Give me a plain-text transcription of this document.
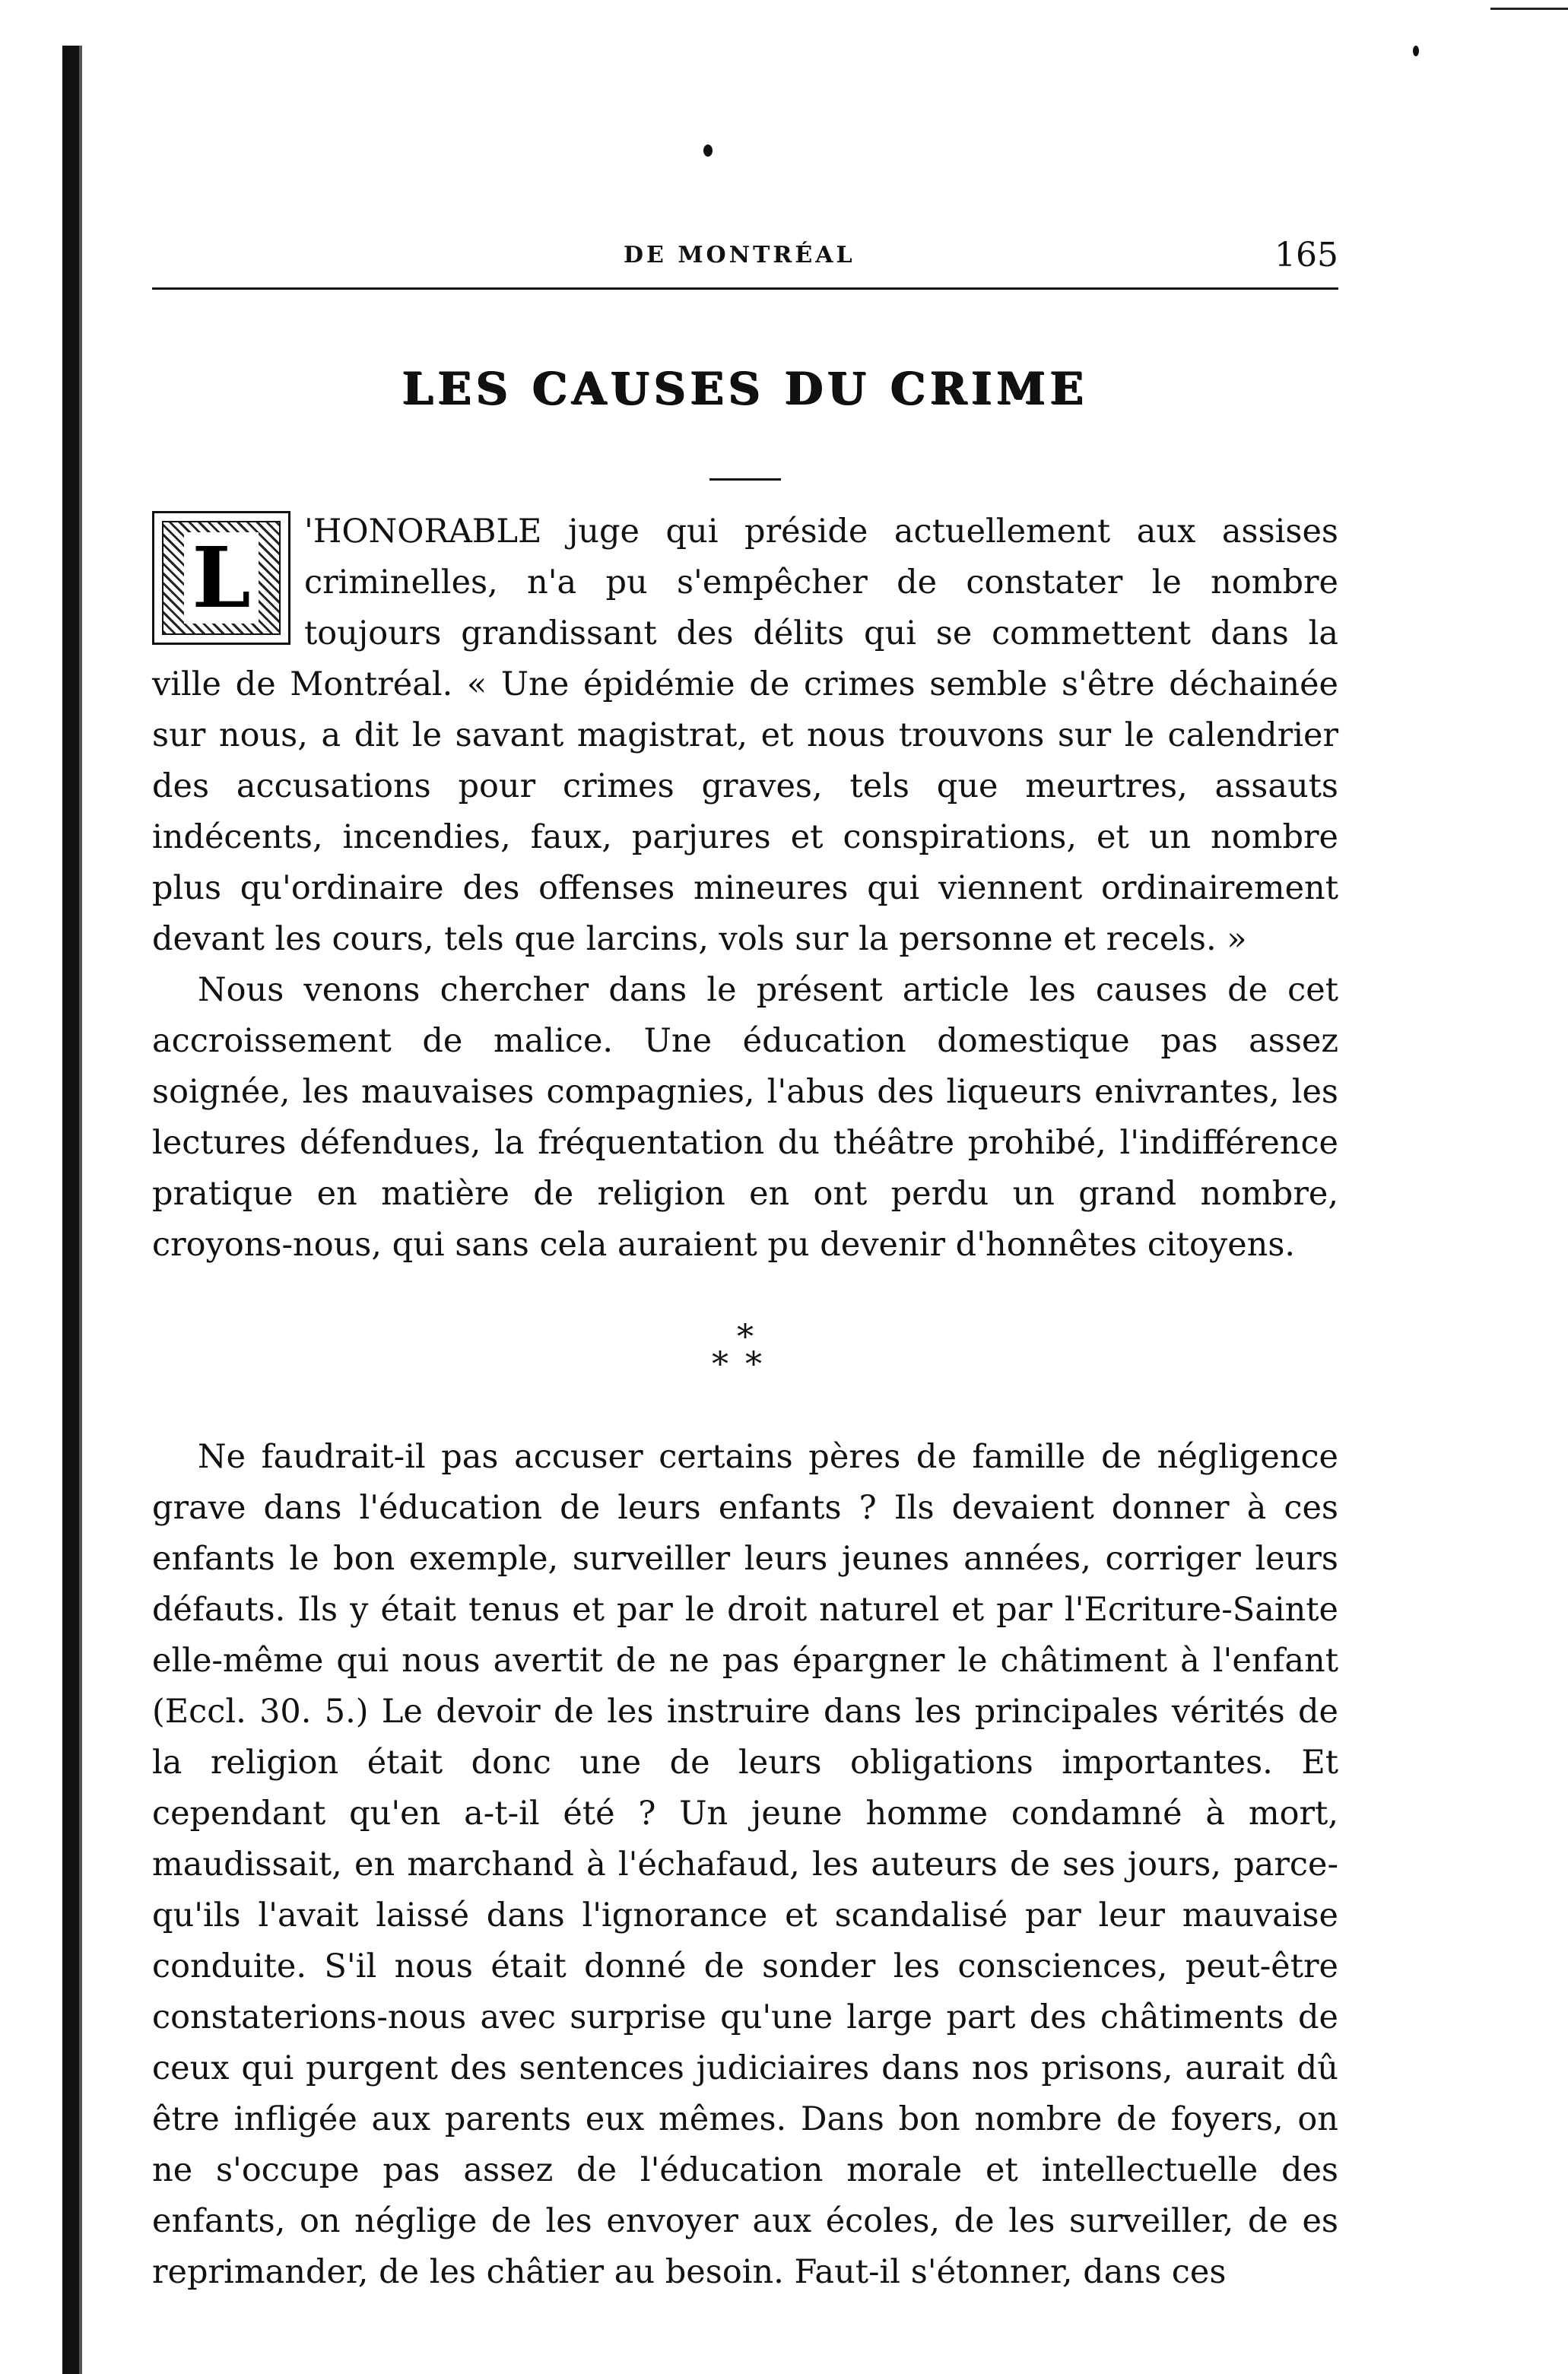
DE MONTRÉAL	165
LES CAUSES DU CRIME

L 'HONORABLE juge qui préside actuellement aux assises criminelles, n'a pu s'empêcher de constater le nombre toujours grandissant des délits qui se commettent dans la ville de Montréal. « Une épidémie de crimes semble s'être déchainée sur nous, a dit le savant magistrat, et nous trouvons sur le calendrier des accusations pour crimes graves, tels que meurtres, assauts indécents, incendies, faux, parjures et conspirations, et un nombre plus qu'ordinaire des offenses mineures qui viennent ordinairement devant les cours, tels que larcins, vols sur la personne et recels. »

Nous venons chercher dans le présent article les causes de cet accroissement de malice. Une éducation domestique pas assez soignée, les mauvaises compagnies, l'abus des liqueurs enivrantes, les lectures défendues, la fréquentation du théâtre prohibé, l'indifférence pratique en matière de religion en ont perdu un grand nombre, croyons-nous, qui sans cela auraient pu devenir d'honnêtes citoyens.

*
**

Ne faudrait-il pas accuser certains pères de famille de négligence grave dans l'éducation de leurs enfants ? Ils devaient donner à ces enfants le bon exemple, surveiller leurs jeunes années, corriger leurs défauts. Ils y était tenus et par le droit naturel et par l'Ecriture-Sainte elle-même qui nous avertit de ne pas épargner le châtiment à l'enfant (Eccl. 30. 5.) Le devoir de les instruire dans les principales vérités de la religion était donc une de leurs obligations importantes. Et cependant qu'en a-t-il été ? Un jeune homme condamné à mort, maudissait, en marchand à l'échafaud, les auteurs de ses jours, parce-qu'ils l'avait laissé dans l'ignorance et scandalisé par leur mauvaise conduite. S'il nous était donné de sonder les consciences, peut-être constaterions-nous avec surprise qu'une large part des châtiments de ceux qui purgent des sentences judiciaires dans nos prisons, aurait dû être infligée aux parents eux mêmes. Dans bon nombre de foyers, on ne s'occupe pas assez de l'éducation morale et intellectuelle des enfants, on néglige de les envoyer aux écoles, de les surveiller, de es reprimander, de les châtier au besoin. Faut-il s'étonner, dans ces
